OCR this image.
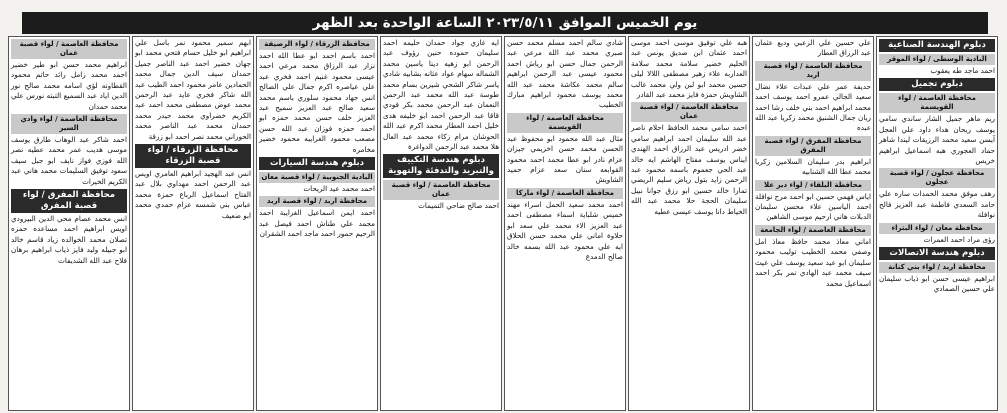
يوم الخميس الموافق ٢٠٢٣/٥/١١ الساعة الواحدة بعد الظهر
دبلوم الهندسة الصناعية
البادية الوسطى / لواء الموقر
احمد ماجد طه يعقوب
دبلوم تجميل
محافظة العاصمة / لواء القويسمة
ريم ماهر جميل الشار ساندي سامي يوسف ريحان هداء داود علي العجل آيسن سعيد محمد الرزيقات ليندا شاهر حماد العجوري هبه اسماعيل ابراهيم خريس
محافظة عجلون / لواء قصبة عجلون
رهف موفق محمد الحمدات ساره علي حامد السعدي فاطمة عبد العزيز فالح نوافلة
محافظة معان / لواء البتراء
رؤى مراد احمد العمرات
دبلوم هندسة الاتصالات
محافظة اربد / لواء بني كنانة
ابراهيم عيسى حسن ابو ذياب سليمان علي حسين الصمادي
علي حسين علي الزعبي ودبع عثمان عبد الرزاق العطار
محافظة العاصمة / لواء قصبة اربد
حديفة عمر علي عبدات علاء نضال سعيد الجالي عمرو احمد يوسف احمد محمد ابراهيم احمد بني خلف رشا احمد ريان جمال الشنيق محمد زكريا عبد الله عبده
محافظة المفرق / لواء قصبة المفرق
ابراهيم بدر سليمان السلامين زكريا محمد عطا الله الشنابيه
محافظة البلقاء / لواء دير علا
اياس فهمي حسين ابو احمد مرح نوافلة احمد الياسين علاء محسن سليمان الدبلات هاني ارحيم موسى الشاهين
محافظة العاصمة / لواء الجامعة
اماني معاذ محمد حافظ معاذ امل وصفي محمد الخطيب توليب محمود سليمان ابو عيد سعيد يوسف علي غيث سيف محمد عبد الهادي نمر بكر احمد اسماعيل محمد
هبه علي توفيق موسى احمد موسى احمد عثمان ابن صديق يونس عبد الحليم خضير سلامة محمد سلامة العداربه علاء زهير مصطفى اللالا ليلى حسين محمد ابو لبن ولي محمد غالب الشاويش حمزة فايز محمد عبد القادر
محافظة العاصمة / لواء قصبة عمان
احمد سامي محمد الحافظ احلام ناصر عبد الله سليمان احمد ابراهيم سامي خضر ادريس عبد الرزاق احمد الهندي ايناس يوسف مفتاح الهاشم ايه خالد عبد الحي جعموم باسمه محمود عبد الرحمن زايد بتول رياض سليم الريضي تمارا خالد حسين ابو رزق جوانا نبيل سليمان الحجة حلا محمد عبد الله الخياط دانا يوسف عيسى عطيه
شادي سالم احمد مسلم محمد حسن صبري محمد عبد الله مرعي عبد الرحمن جمال حسن ابو رياش احمد محمود عيسى عبد الرحمن ابراهيم سالم محمد عكاشة محمد عبد الله محمد يوسف محمود ابراهيم مبارك الخطيب
محافظة العاصمة / لواء القويسمة
مثال عبد الله محمود ابو محفوظ عبد الحسن محمد حسن اخزيمي جيزان عزام نادر ابو عطا محمد احمد محمود القوابعه سنان سعد عزام حميد الشاويش
محافظة العاصمة / لواء ماركا
احمد محمد سعيد الحمل اسراء مهند خميس شلباية اسماء مصطفى احمد عبد العزيز الاء محمد علي سعد ابو حلاوة اماني علي محمد حسن الحلاق ايه علي محمود عبد الله بسمه خالد صالح الدمدع
ايه غازي جواد حمدان حليمه احمد سليمان حموده حنين رؤوف عبد الرحمن ابو زهيه دينا ياسين محمد الشماله سهام عواد عثانه بشابيه شادي ياسر شاكر الشحي شيرين بسام محمد طوسة عبد الله محمد عبد الرحمن النعمان عبد الرحمن محمد بكر فودي قاقا عبد الرحمن احمد ابو خليفه هدى خليل احمد العطار محمد اكرم عبد الله الحوشان مرام زكاء محمد عبد العال هلا محمد عبد الرحمن الدواغرة
دبلوم هندسة التكييف والتبريد والتدفئة والتهوية
محافظة العاصمة / لواء قصبة عمان
احمد صالح ضاحي التميمات
محافظة الزرقاء / لواء الرصيفة
احمد باسم احمد ابو عطا الله احمد نزار عبد الرزاق محمد مرعي احمد عيسى محمود غنيم احمد فخري عبد علي عياصره اكرم جمال علي الصالح انس جهاد محمود سلوري باسم محمد سعيد صالح عبد العزيز سميح عبد العزيز خلف حسن محمد حمزه ابو احمد حمزه فوزان عبد الله حسن مصعب محمود الغرايبه محمود خضير مخامره
دبلوم هندسة السيارات
البادية الجنوبية / لواء قصبة معان
احمد محمد عيد الريحات
محافظة اربد / لواء قصبة اربد
احمد ايمن اسماعيل الغرايبة احمد محمد علي طناش احمد فيصل عبد الرحيم حمور احمد ماجد احمد الشقران
ابهم سمير محمود نمر باسل علي ابراهيم ابو خليل حسام فتحي محمد ابو جهان خضير احمد عبد الناصر جميل حمدان سيف الدين جمال محمد الحمادين عامر محمود احمد الطيب عبد الله شاكر فخري عايد عبد الرحمن محمد عوض مصطفى محمد احمد عبد الكريم خضراوي محمد حيدر محمد حمدان محمد عبد الناصر محمد الحوراني محمد نصر احمد ابو زرقة
محافظة الزرقاء / لواء قصبة الزرقاء
انس عبد الهجيد ابراهيم العامري اويس عبد الرحمن احمد مهداوي بلال عبد الفتاح اسماعيل الرباع حمزة محمد عباس بني شمسه عزام حمدي محمد ابو ضعيف
محافظة العاصمة / لواء قصبة عمان
ابراهيم محمد حسن ابو طير خضير احمد محمد زامل رائد حاتم محمود القطاونه لؤي اسامه محمد صالح نور الدين اياد عبد السميع التبته نورس علي محمد حمدان
محافظة العاصمة / لواء وادي السير
احمد شاكر عبد الوهاب طارق يوسف موسى هديب عمر محمد عطيه نصر الله فوزي فواز نايف ابو جبل سيف سعود توفيق السليمات محمد هاني عبد الكريم الخيرات
محافظة المفرق / لواء قصبة المفرق
انس محمد عصام محي الدين البيرودي اويس ابراهيم احمد مساعده حمزه تصلان محمد الخوالده زياد قاسم خالد ابو جبيله وليد فايز ذياب ابراهيم برهان فلاح عبد الله الشديفات
